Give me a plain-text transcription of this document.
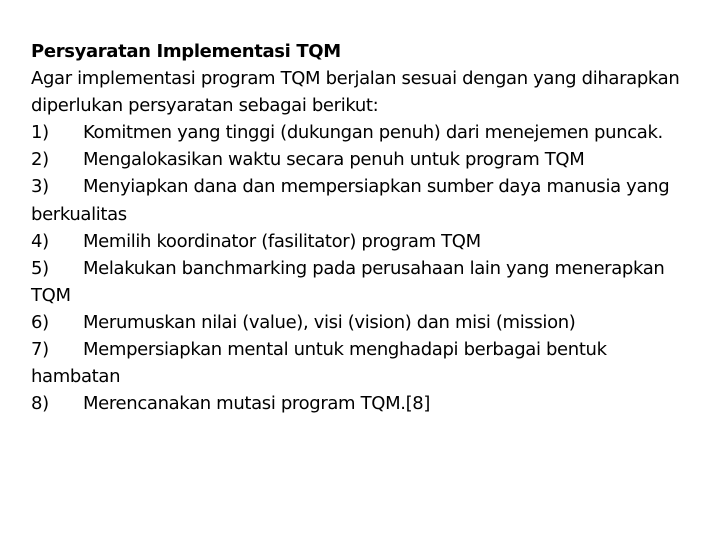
Persyaratan Implementasi TQM

Agar implementasi program TQM berjalan sesuai dengan yang diharapkan diperlukan persyaratan sebagai berikut:

1) Komitmen yang tinggi (dukungan penuh) dari menejemen puncak.
2) Mengalokasikan waktu secara penuh untuk program TQM
3) Menyiapkan dana dan mempersiapkan sumber daya manusia yang berkualitas
4) Memilih koordinator (fasilitator) program TQM
5) Melakukan banchmarking pada perusahaan lain yang menerapkan TQM
6) Merumuskan nilai (value), visi (vision) dan misi (mission)
7) Mempersiapkan mental untuk menghadapi berbagai bentuk hambatan
8) Merencanakan mutasi program TQM.[8]
